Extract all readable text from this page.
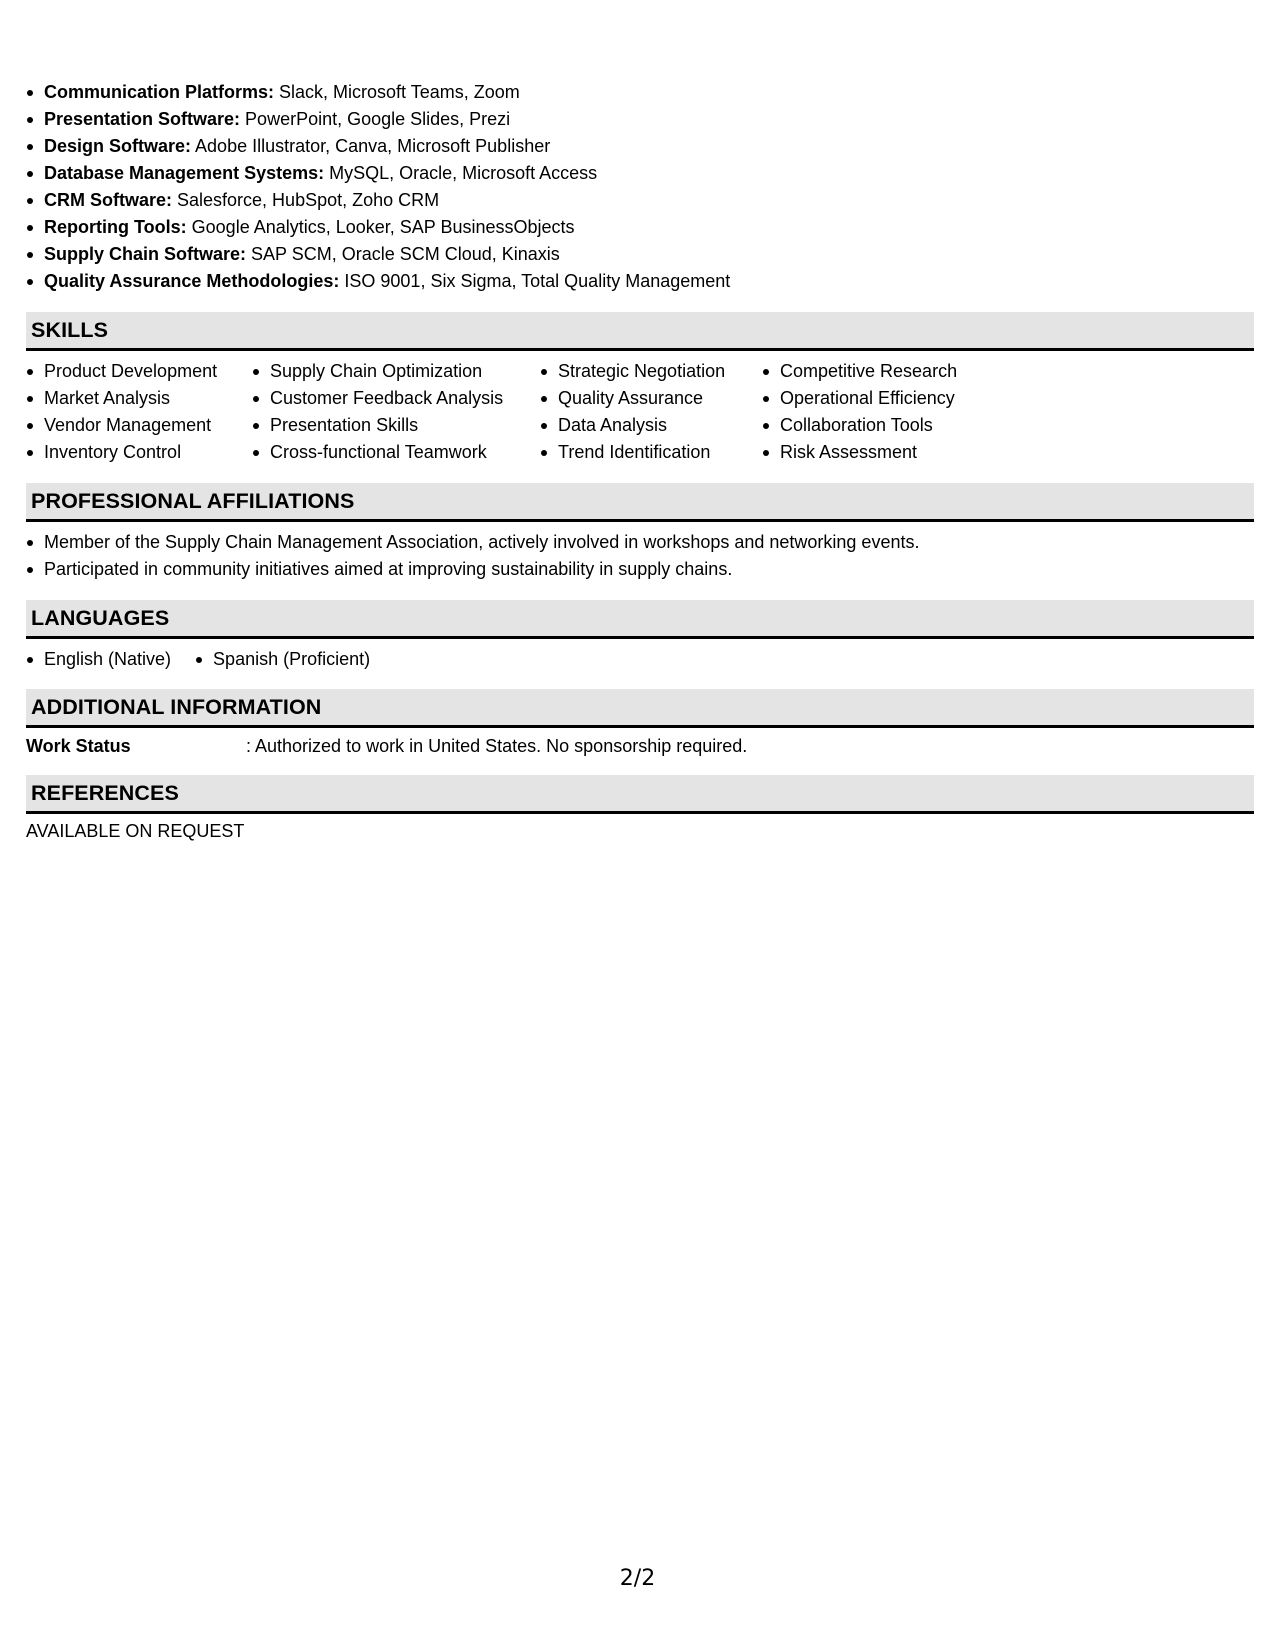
Communication Platforms: Slack, Microsoft Teams, Zoom
Presentation Software: PowerPoint, Google Slides, Prezi
Design Software: Adobe Illustrator, Canva, Microsoft Publisher
Database Management Systems: MySQL, Oracle, Microsoft Access
CRM Software: Salesforce, HubSpot, Zoho CRM
Reporting Tools: Google Analytics, Looker, SAP BusinessObjects
Supply Chain Software: SAP SCM, Oracle SCM Cloud, Kinaxis
Quality Assurance Methodologies: ISO 9001, Six Sigma, Total Quality Management
SKILLS
Product Development
Market Analysis
Vendor Management
Inventory Control
Supply Chain Optimization
Customer Feedback Analysis
Presentation Skills
Cross-functional Teamwork
Strategic Negotiation
Quality Assurance
Data Analysis
Trend Identification
Competitive Research
Operational Efficiency
Collaboration Tools
Risk Assessment
PROFESSIONAL AFFILIATIONS
Member of the Supply Chain Management Association, actively involved in workshops and networking events.
Participated in community initiatives aimed at improving sustainability in supply chains.
LANGUAGES
English (Native)	Spanish (Proficient)
ADDITIONAL INFORMATION
Work Status	: Authorized to work in United States. No sponsorship required.
REFERENCES
AVAILABLE ON REQUEST
2/2
